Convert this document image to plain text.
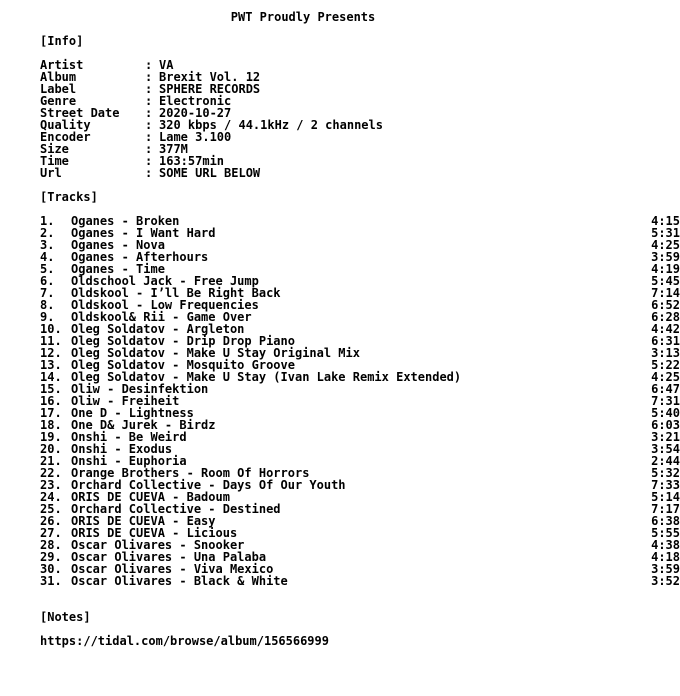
PWT Proudly Presents
[Info]
Artist	: VA
Album	: Brexit Vol. 12
Label	: SPHERE RECORDS
Genre	: Electronic
Street Date : 2020-10-27
Quality	: 320 kbps / 44.1kHz / 2 channels
Encoder	: Lame 3.100
Size	: 377M
Time	: 163:57min
Url	: SOME URL BELOW
[Tracks]
1. Oganes - Broken	4:15
2. Oganes - I Want Hard	5:31
3. Oganes - Nova	4:25
4. Oganes - Afterhours	3:59
5. Oganes - Time	4:19
6. Oldschool Jack - Free Jump	5:45
7. Oldskool - I’ll Be Right Back	7:14
8. Oldskool - Low Frequencies	6:52
9. Oldskool& Rii - Game Over	6:28
10. Oleg Soldatov - Argleton	4:42
11. Oleg Soldatov - Drip Drop Piano	6:31
12. Oleg Soldatov - Make U Stay Original Mix	3:13
13. Oleg Soldatov - Mosquito Groove	5:22
14. Oleg Soldatov - Make U Stay (Ivan Lake Remix Extended)	4:25
15. Oliw - Desinfektion	6:47
16. Oliw - Freiheit	7:31
17. One D - Lightness	5:40
18. One D& Jurek - Birdz	6:03
19. Onshi - Be Weird	3:21
20. Onshi - Exodus	3:54
21. Onshi - Euphoria	2:44
22. Orange Brothers - Room Of Horrors	5:32
23. Orchard Collective - Days Of Our Youth	7:33
24. ORIS DE CUEVA - Badoum	5:14
25. Orchard Collective - Destined	7:17
26. ORIS DE CUEVA - Easy	6:38
27. ORIS DE CUEVA - Licious	5:55
28. Oscar Olivares - Snooker	4:38
29. Oscar Olivares - Una Palaba	4:18
30. Oscar Olivares - Viva Mexico	3:59
31. Oscar Olivares - Black & White	3:52
[Notes]
https://tidal.com/browse/album/156566999
